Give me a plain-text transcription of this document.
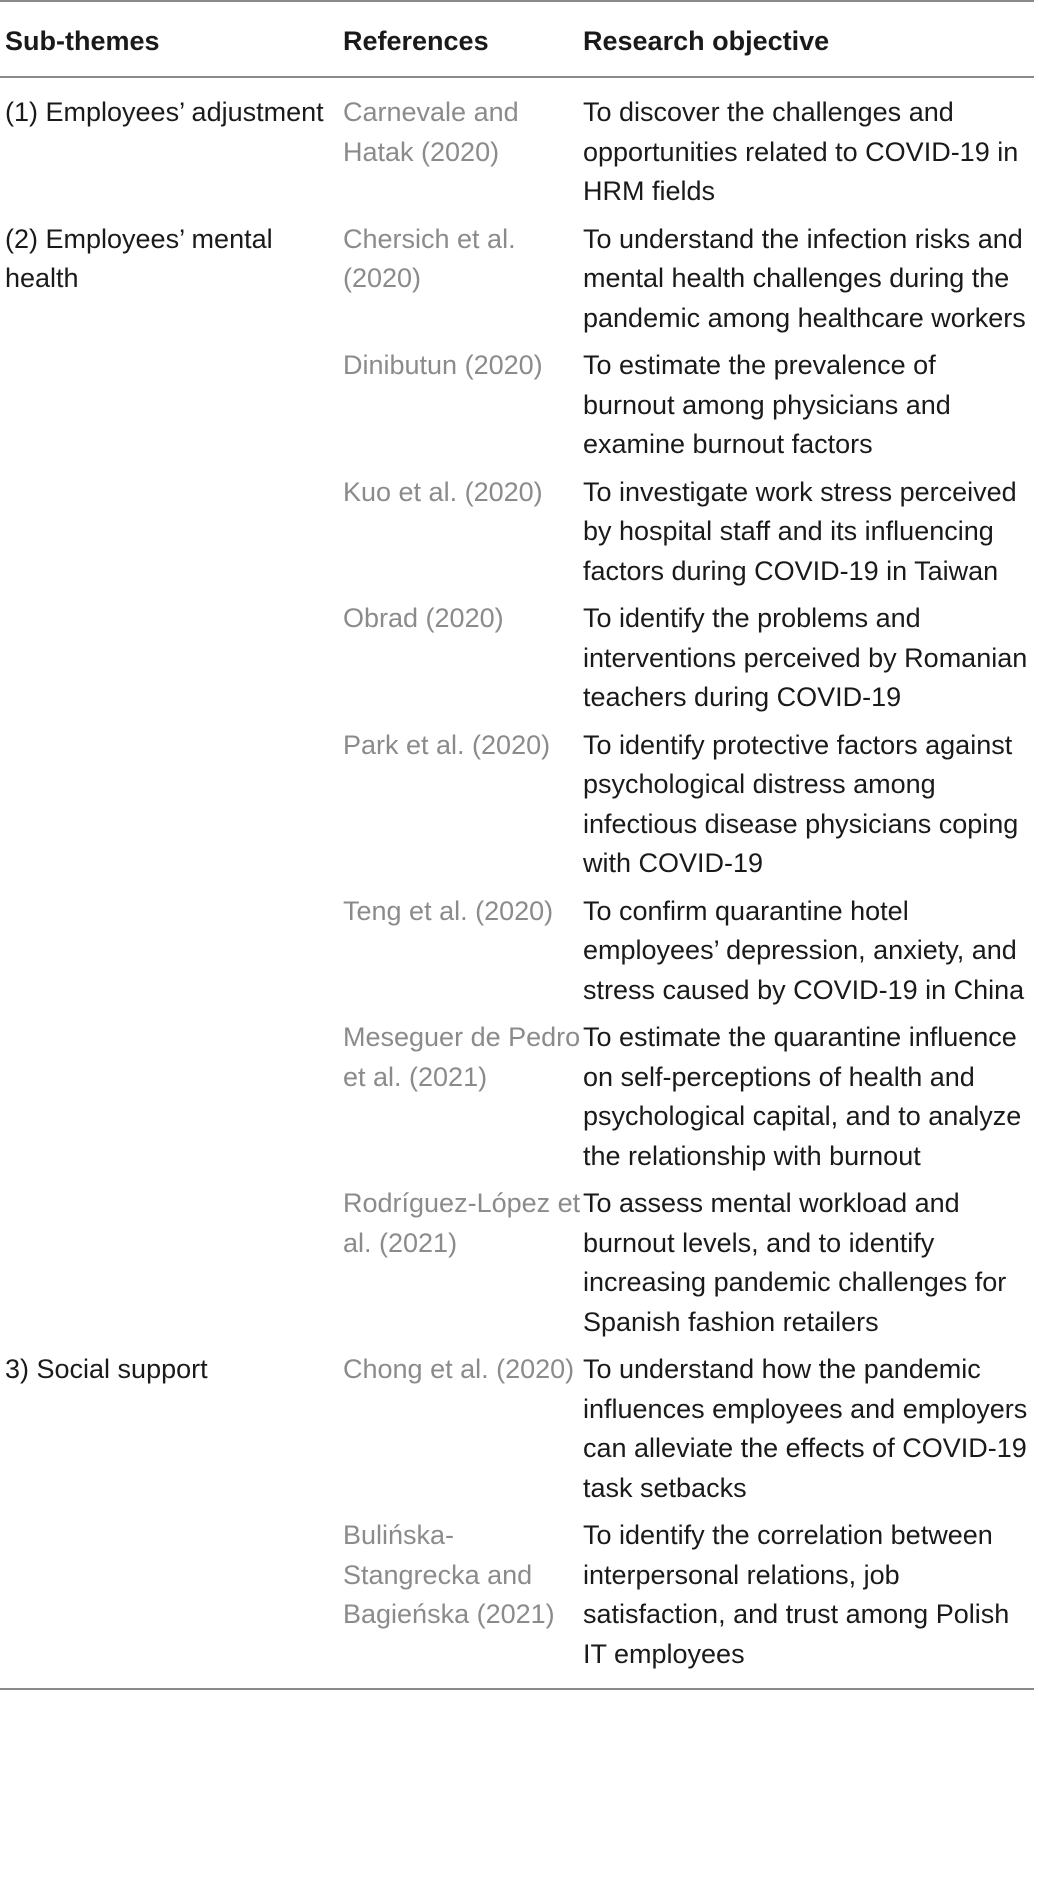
Sub-themes	References	Research objective
(1) Employees’ adjustment	Carnevale and Hatak (2020)	To discover the challenges and opportunities related to COVID-19 in HRM fields
(2) Employees’ mental health	Chersich et al. (2020)	To understand the infection risks and mental health challenges during the pandemic among healthcare workers
	Dinibutun (2020)	To estimate the prevalence of burnout among physicians and examine burnout factors
	Kuo et al. (2020)	To investigate work stress perceived by hospital staff and its influencing factors during COVID-19 in Taiwan
	Obrad (2020)	To identify the problems and interventions perceived by Romanian teachers during COVID-19
	Park et al. (2020)	To identify protective factors against psychological distress among infectious disease physicians coping with COVID-19
	Teng et al. (2020)	To confirm quarantine hotel employees’ depression, anxiety, and stress caused by COVID-19 in China
	Meseguer de Pedro et al. (2021)	To estimate the quarantine influence on self-perceptions of health and psychological capital, and to analyze the relationship with burnout
	Rodríguez-López et al. (2021)	To assess mental workload and burnout levels, and to identify increasing pandemic challenges for Spanish fashion retailers
3) Social support	Chong et al. (2020)	To understand how the pandemic influences employees and employers can alleviate the effects of COVID-19 task setbacks
	Bulińska-Stangrecka and Bagieńska (2021)	To identify the correlation between interpersonal relations, job satisfaction, and trust among Polish IT employees
